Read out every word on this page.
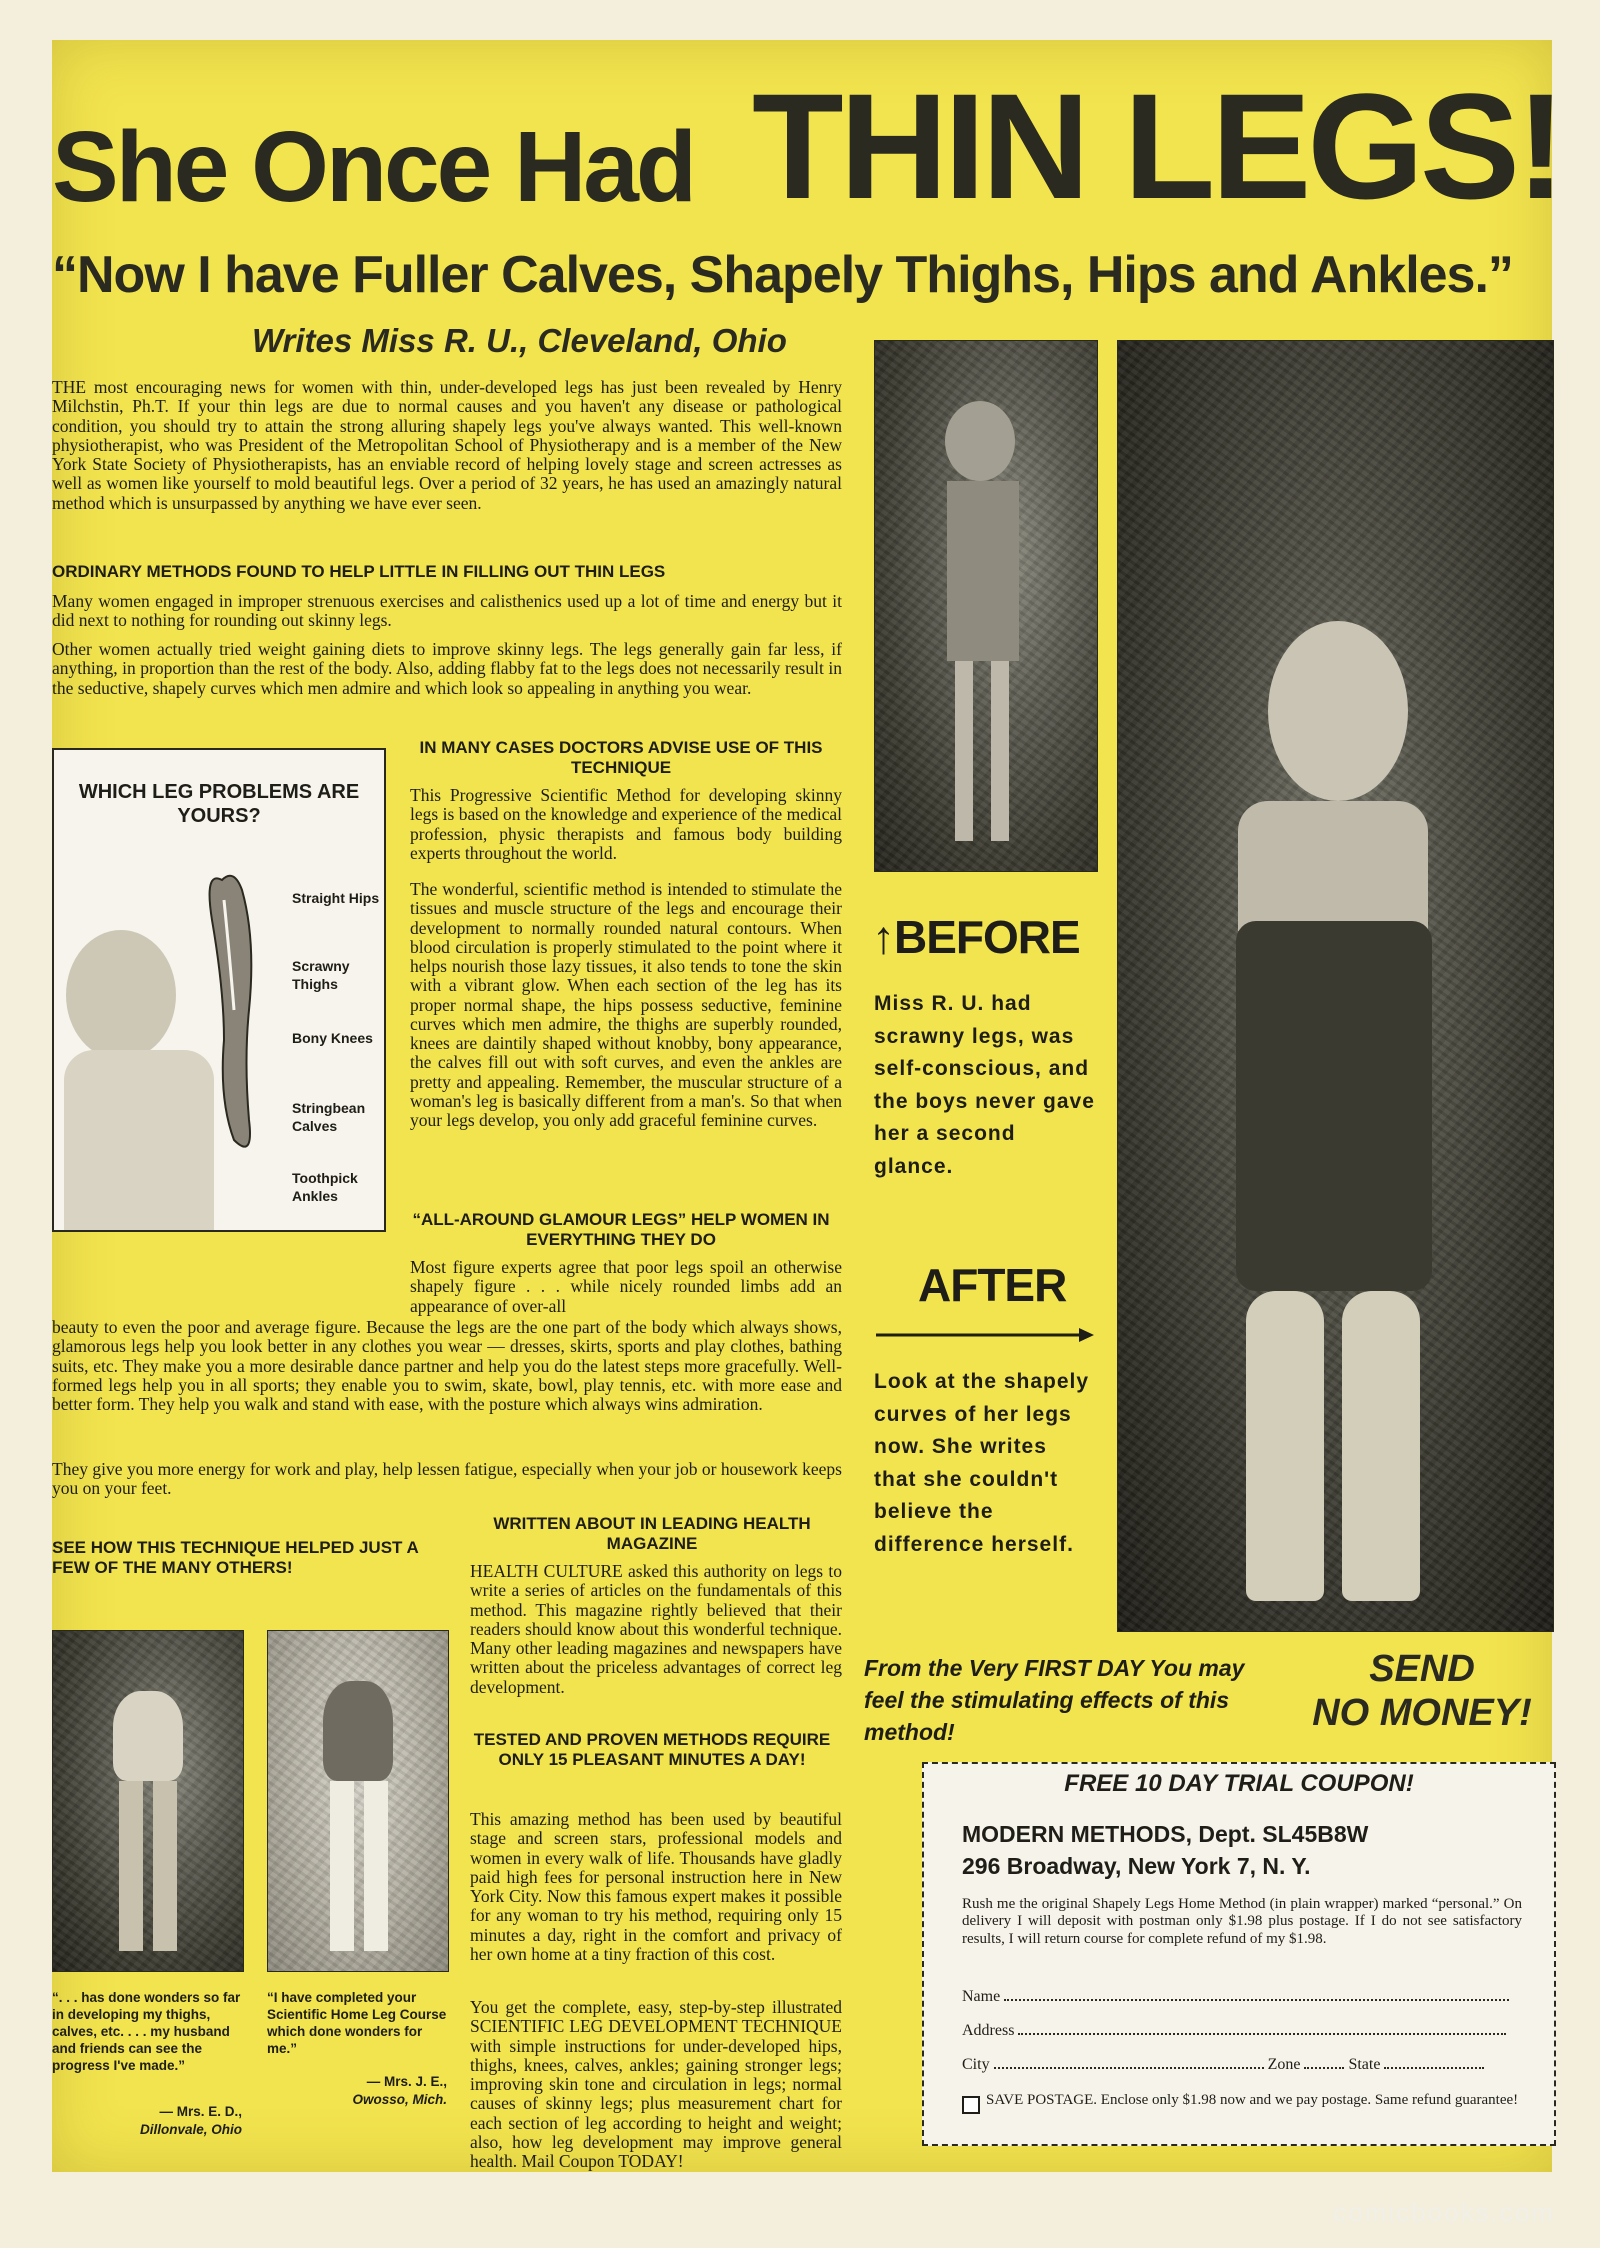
She Once Had THIN LEGS!
“Now I have Fuller Calves, Shapely Thighs, Hips and Ankles.”
Writes Miss R. U., Cleveland, Ohio

THE most encouraging news for women with thin, under-developed legs has just been revealed by Henry Milchstin, Ph.T. If your thin legs are due to normal causes and you haven't any disease or pathological condition, you should try to attain the strong alluring shapely legs you've always wanted. This well-known physiotherapist, who was President of the Metropolitan School of Physiotherapy and is a member of the New York State Society of Physiotherapists, has an enviable record of helping lovely stage and screen actresses as well as women like yourself to mold beautiful legs. Over a period of 32 years, he has used an amazingly natural method which is unsurpassed by anything we have ever seen.

ORDINARY METHODS FOUND TO HELP LITTLE IN FILLING OUT THIN LEGS

Many women engaged in improper strenuous exercises and calisthenics used up a lot of time and energy but it did next to nothing for rounding out skinny legs.

Other women actually tried weight gaining diets to improve skinny legs. The legs generally gain far less, if anything, in proportion than the rest of the body. Also, adding flabby fat to the legs does not necessarily result in the seductive, shapely curves which men admire and which look so appealing in anything you wear.

WHICH LEG PROBLEMS ARE YOURS?
Straight Hips
Scrawny Thighs
Bony Knees
Stringbean Calves
Toothpick Ankles
IN MANY CASES DOCTORS ADVISE USE OF THIS TECHNIQUE

This Progressive Scientific Method for developing skinny legs is based on the knowledge and experience of the medical profession, physic therapists and famous body building experts throughout the world.

The wonderful, scientific method is intended to stimulate the tissues and muscle structure of the legs and encourage their development to normally rounded natural contours. When blood circulation is properly stimulated to the point where it helps nourish those lazy tissues, it also tends to tone the skin with a vibrant glow. When each section of the leg has its proper normal shape, the hips possess seductive, feminine curves which men admire, the thighs are superbly rounded, knees are daintily shaped without knobby, bony appearance, the calves fill out with soft curves, and even the ankles are pretty and appealing. Remember, the muscular structure of a woman's leg is basically different from a man's. So that when your legs develop, you only add graceful feminine curves.

“ALL-AROUND GLAMOUR LEGS” HELP WOMEN IN EVERYTHING THEY DO

Most figure experts agree that poor legs spoil an otherwise shapely figure . . . while nicely rounded limbs add an appearance of over-all

beauty to even the poor and average figure. Because the legs are the one part of the body which always shows, glamorous legs help you look better in any clothes you wear — dresses, skirts, sports and play clothes, bathing suits, etc. They make you a more desirable dance partner and help you do the latest steps more gracefully. Well-formed legs help you in all sports; they enable you to swim, skate, bowl, play tennis, etc. with more ease and better form. They help you walk and stand with ease, with the posture which always wins admiration.

They give you more energy for work and play, help lessen fatigue, especially when your job or housework keeps you on your feet.

SEE HOW THIS TECHNIQUE HELPED JUST A FEW OF THE MANY OTHERS!
“. . . has done wonders so far in developing my thighs, calves, etc. . . . my husband and friends can see the progress I've made.”
— Mrs. E. D.,
Dillonvale, Ohio
“I have completed your Scientific Home Leg Course which done wonders for me.”
— Mrs. J. E.,
Owosso, Mich.
WRITTEN ABOUT IN LEADING HEALTH MAGAZINE

HEALTH CULTURE asked this authority on legs to write a series of articles on the fundamentals of this method. This magazine rightly believed that their readers should know about this wonderful technique. Many other leading magazines and newspapers have written about the priceless advantages of correct leg development.

TESTED AND PROVEN METHODS REQUIRE ONLY 15 PLEASANT MINUTES A DAY!

This amazing method has been used by beautiful stage and screen stars, professional models and women in every walk of life. Thousands have gladly paid high fees for personal instruction here in New York City. Now this famous expert makes it possible for any woman to try his method, requiring only 15 minutes a day, right in the comfort and privacy of her own home at a tiny fraction of this cost.

You get the complete, easy, step-by-step illustrated SCIENTIFIC LEG DEVELOPMENT TECHNIQUE with simple instructions for under-developed hips, thighs, knees, calves, ankles; gaining stronger legs; improving skin tone and circulation in legs; normal causes of skinny legs; plus measurement chart for each section of leg according to height and weight; also, how leg development may improve general health. Mail Coupon TODAY!

↑BEFORE
Miss R. U. had scrawny legs, was self-conscious, and the boys never gave her a second glance.
AFTER
Look at the shapely curves of her legs now. She writes that she couldn't believe the difference herself.
From the Very FIRST DAY You may feel the stimulating effects of this method!
SEND
NO MONEY!
FREE 10 DAY TRIAL COUPON!
MODERN METHODS, Dept. SL45B8W
296 Broadway, New York 7, N. Y.
Rush me the original Shapely Legs Home Method (in plain wrapper) marked “personal.” On delivery I will deposit with postman only $1.98 plus postage. If I do not see satisfactory results, I will return course for complete refund of my $1.98.
Name
Address
City	Zone	State
SAVE POSTAGE. Enclose only $1.98 now and we pay postage. Same refund guarantee!
comicbooks.com
